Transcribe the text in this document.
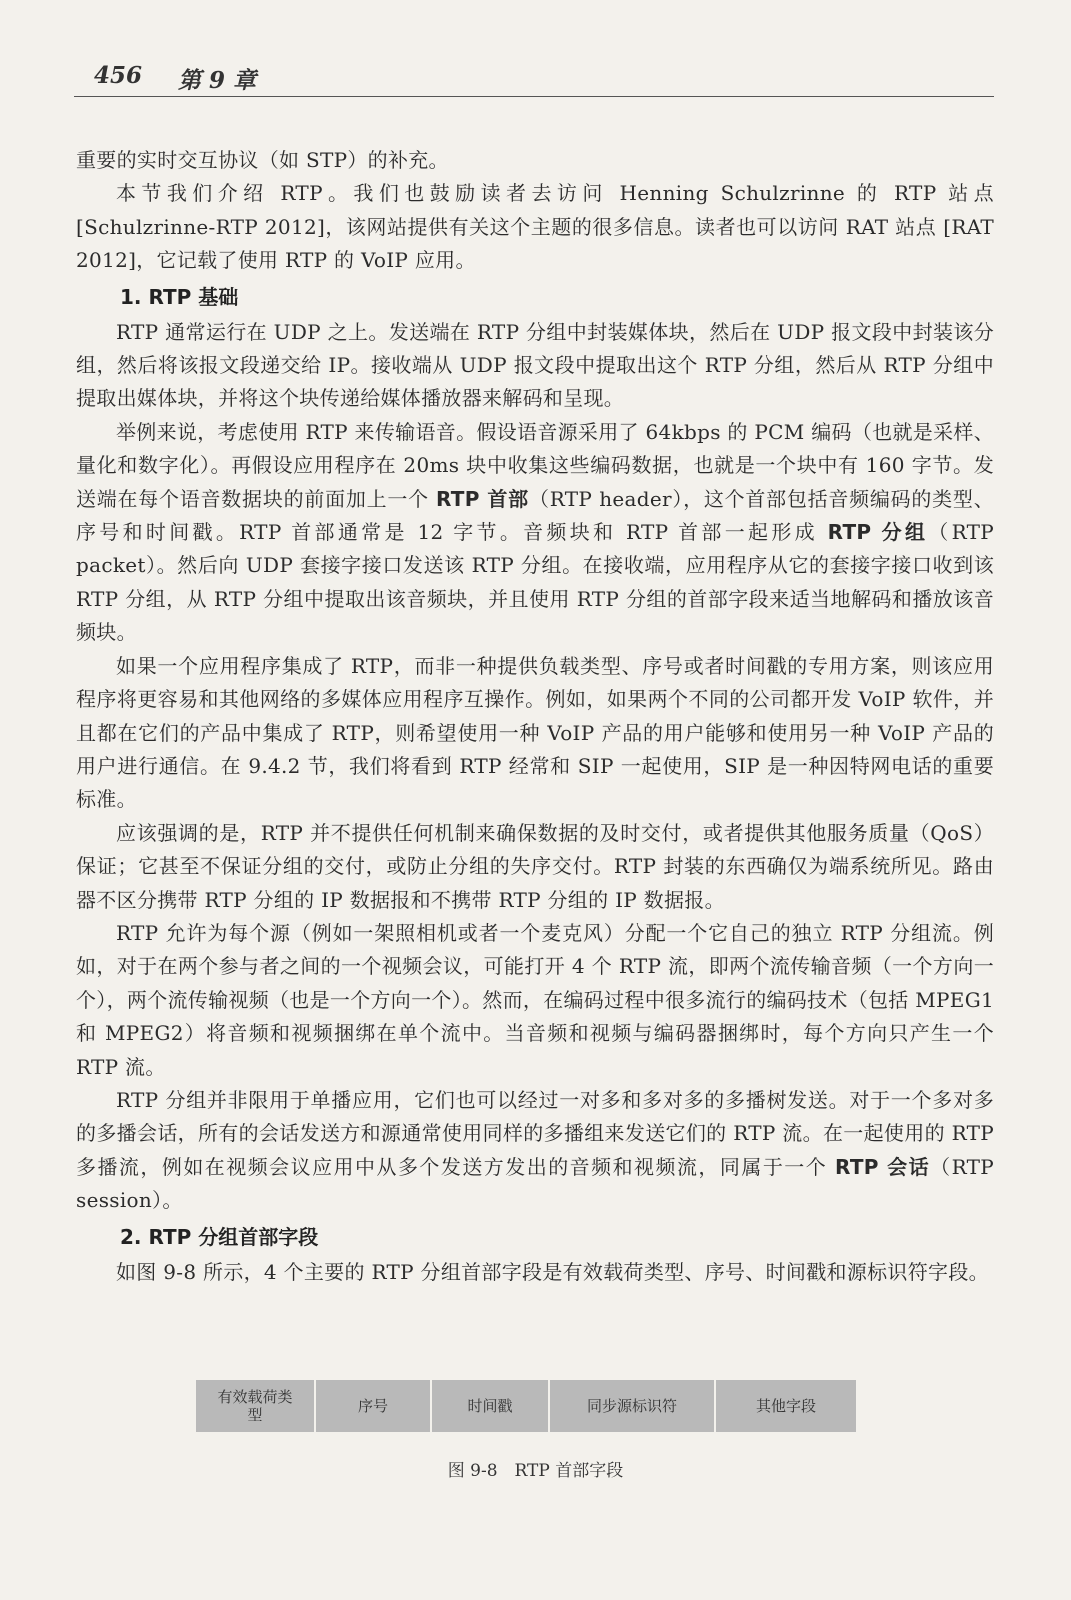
456 第 9 章

重要的实时交互协议（如 STP）的补充。

本节我们介绍 RTP。我们也鼓励读者去访问 Henning Schulzrinne 的 RTP 站点 [Schulzrinne-RTP 2012]，该网站提供有关这个主题的很多信息。读者也可以访问 RAT 站点 [RAT 2012]，它记载了使用 RTP 的 VoIP 应用。

1. RTP 基础

RTP 通常运行在 UDP 之上。发送端在 RTP 分组中封装媒体块，然后在 UDP 报文段中封装该分组，然后将该报文段递交给 IP。接收端从 UDP 报文段中提取出这个 RTP 分组，然后从 RTP 分组中提取出媒体块，并将这个块传递给媒体播放器来解码和呈现。

举例来说，考虑使用 RTP 来传输语音。假设语音源采用了 64kbps 的 PCM 编码（也就是采样、量化和数字化）。再假设应用程序在 20ms 块中收集这些编码数据，也就是一个块中有 160 字节。发送端在每个语音数据块的前面加上一个 RTP 首部（RTP header），这个首部包括音频编码的类型、序号和时间戳。RTP 首部通常是 12 字节。音频块和 RTP 首部一起形成 RTP 分组（RTP packet）。然后向 UDP 套接字接口发送该 RTP 分组。在接收端，应用程序从它的套接字接口收到该 RTP 分组，从 RTP 分组中提取出该音频块，并且使用 RTP 分组的首部字段来适当地解码和播放该音频块。

如果一个应用程序集成了 RTP，而非一种提供负载类型、序号或者时间戳的专用方案，则该应用程序将更容易和其他网络的多媒体应用程序互操作。例如，如果两个不同的公司都开发 VoIP 软件，并且都在它们的产品中集成了 RTP，则希望使用一种 VoIP 产品的用户能够和使用另一种 VoIP 产品的用户进行通信。在 9.4.2 节，我们将看到 RTP 经常和 SIP 一起使用，SIP 是一种因特网电话的重要标准。

应该强调的是，RTP 并不提供任何机制来确保数据的及时交付，或者提供其他服务质量（QoS）保证；它甚至不保证分组的交付，或防止分组的失序交付。RTP 封装的东西确仅为端系统所见。路由器不区分携带 RTP 分组的 IP 数据报和不携带 RTP 分组的 IP 数据报。

RTP 允许为每个源（例如一架照相机或者一个麦克风）分配一个它自己的独立 RTP 分组流。例如，对于在两个参与者之间的一个视频会议，可能打开 4 个 RTP 流，即两个流传输音频（一个方向一个），两个流传输视频（也是一个方向一个）。然而，在编码过程中很多流行的编码技术（包括 MPEG1 和 MPEG2）将音频和视频捆绑在单个流中。当音频和视频与编码器捆绑时，每个方向只产生一个 RTP 流。

RTP 分组并非限用于单播应用，它们也可以经过一对多和多对多的多播树发送。对于一个多对多的多播会话，所有的会话发送方和源通常使用同样的多播组来发送它们的 RTP 流。在一起使用的 RTP 多播流，例如在视频会议应用中从多个发送方发出的音频和视频流，同属于一个 RTP 会话（RTP session）。

2. RTP 分组首部字段

如图 9-8 所示，4 个主要的 RTP 分组首部字段是有效载荷类型、序号、时间戳和源标识符字段。

有效载荷类型	序号	时间戳	同步源标识符	其他字段
图 9-8　RTP 首部字段
